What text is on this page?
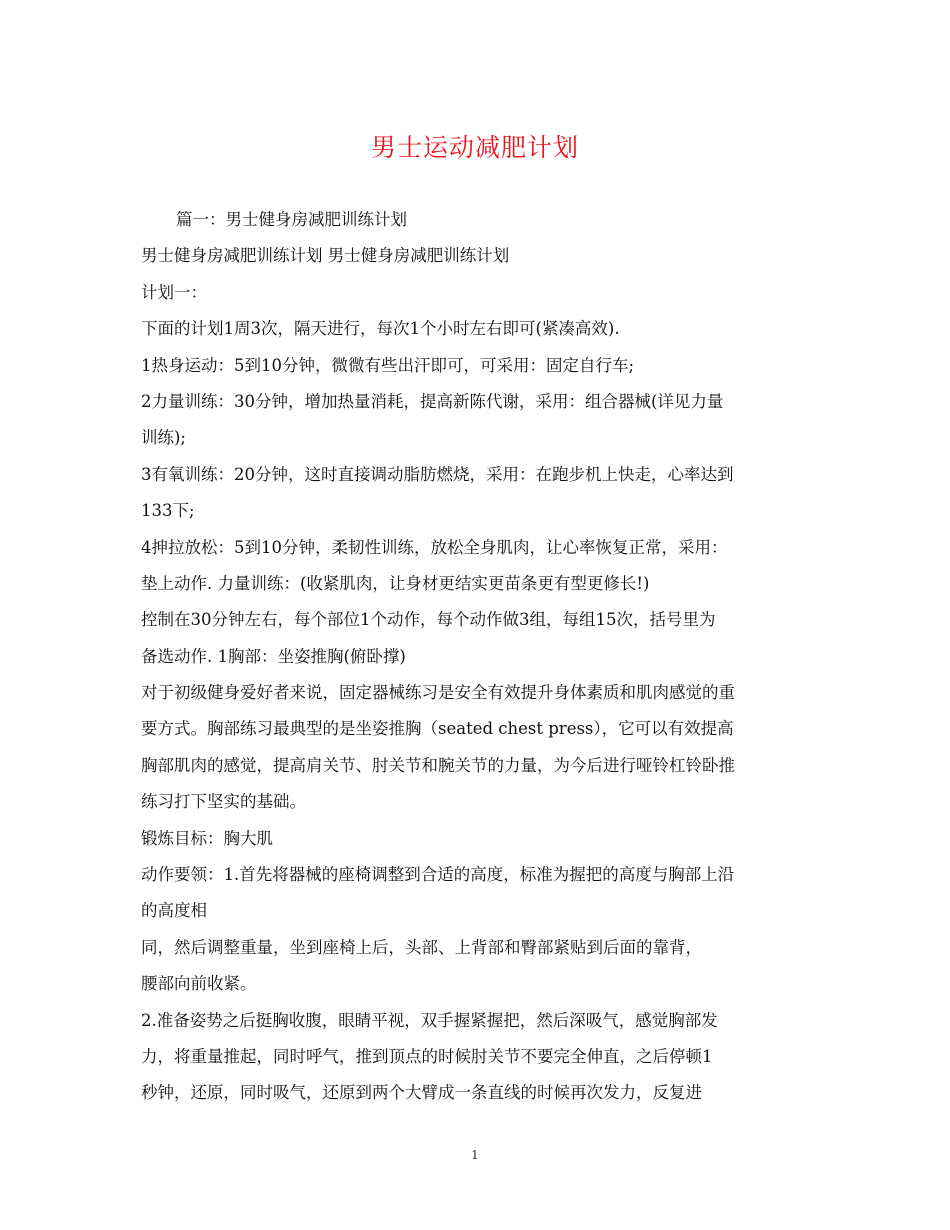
男士运动减肥计划
篇一：男士健身房减肥训练计划
男士健身房减肥训练计划 男士健身房减肥训练计划
计划一：
下面的计划1周3次，隔天进行，每次1个小时左右即可(紧凑高效).
1热身运动：5到10分钟，微微有些出汗即可，可采用：固定自行车;
2力量训练：30分钟，增加热量消耗，提高新陈代谢，采用：组合器械(详见力量
训练);
3有氧训练：20分钟，这时直接调动脂肪燃烧，采用：在跑步机上快走，心率达到
133下;
4抻拉放松：5到10分钟，柔韧性训练，放松全身肌肉，让心率恢复正常，采用：
垫上动作. 力量训练：(收紧肌肉，让身材更结实更苗条更有型更修长!)
控制在30分钟左右，每个部位1个动作，每个动作做3组，每组15次，括号里为
备选动作. 1胸部：坐姿推胸(俯卧撑)
对于初级健身爱好者来说，固定器械练习是安全有效提升身体素质和肌肉感觉的重
要方式。胸部练习最典型的是坐姿推胸（seated chest press），它可以有效提高
胸部肌肉的感觉，提高肩关节、肘关节和腕关节的力量，为今后进行哑铃杠铃卧推
练习打下坚实的基础。
锻炼目标：胸大肌
动作要领：1.首先将器械的座椅调整到合适的高度，标准为握把的高度与胸部上沿
的高度相
同，然后调整重量，坐到座椅上后，头部、上背部和臀部紧贴到后面的靠背，
腰部向前收紧。
2.准备姿势之后挺胸收腹，眼睛平视，双手握紧握把，然后深吸气，感觉胸部发
力，将重量推起，同时呼气，推到顶点的时候肘关节不要完全伸直，之后停顿1
秒钟，还原，同时吸气，还原到两个大臂成一条直线的时候再次发力，反复进
1
